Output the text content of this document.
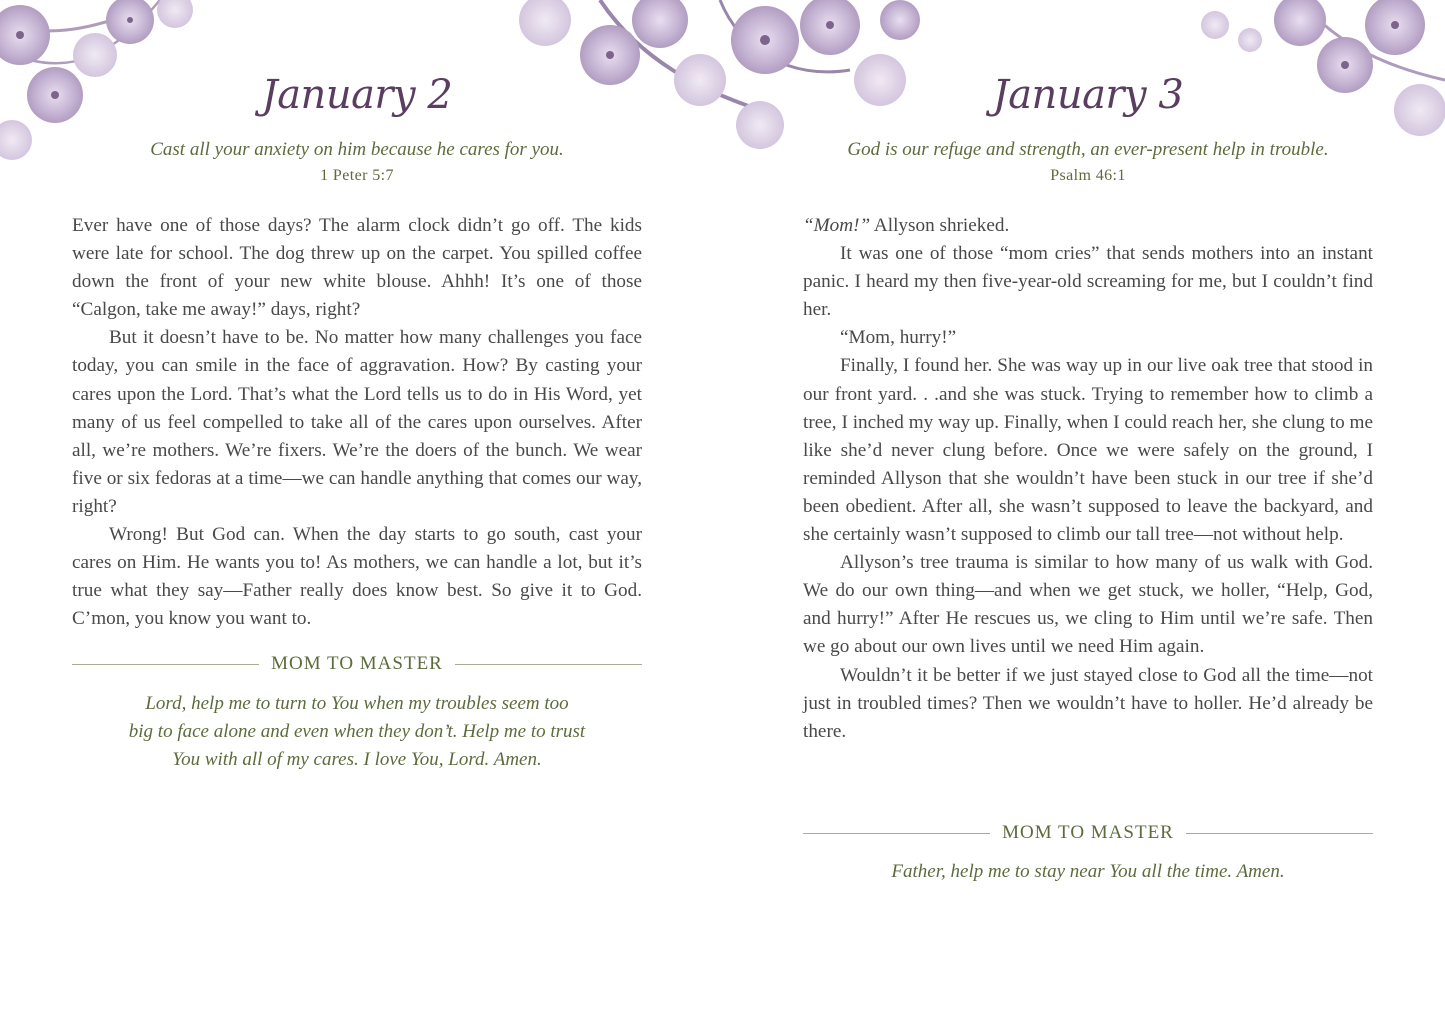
January 2
Cast all your anxiety on him because he cares for you.
1 Peter 5:7

Ever have one of those days? The alarm clock didn’t go off. The kids were late for school. The dog threw up on the carpet. You spilled coffee down the front of your new white blouse. Ahhh! It’s one of those “Calgon, take me away!” days, right?

But it doesn’t have to be. No matter how many challenges you face today, you can smile in the face of aggravation. How? By casting your cares upon the Lord. That’s what the Lord tells us to do in His Word, yet many of us feel compelled to take all of the cares upon ourselves. After all, we’re mothers. We’re fixers. We’re the doers of the bunch. We wear five or six fedoras at a time—we can handle anything that comes our way, right?

Wrong! But God can. When the day starts to go south, cast your cares on Him. He wants you to! As mothers, we can handle a lot, but it’s true what they say—Father really does know best. So give it to God. C’mon, you know you want to.

MOM TO MASTER
Lord, help me to turn to You when my troubles seem too
big to face alone and even when they don’t. Help me to trust
You with all of my cares. I love You, Lord. Amen.
January 3
God is our refuge and strength, an ever-present help in trouble.
Psalm 46:1

“Mom!” Allyson shrieked.

It was one of those “mom cries” that sends mothers into an instant panic. I heard my then five-year-old screaming for me, but I couldn’t find her.

“Mom, hurry!”

Finally, I found her. She was way up in our live oak tree that stood in our front yard. . .and she was stuck. Trying to remember how to climb a tree, I inched my way up. Finally, when I could reach her, she clung to me like she’d never clung before. Once we were safely on the ground, I reminded Allyson that she wouldn’t have been stuck in our tree if she’d been obedient. After all, she wasn’t supposed to leave the backyard, and she certainly wasn’t supposed to climb our tall tree—not without help.

Allyson’s tree trauma is similar to how many of us walk with God. We do our own thing—and when we get stuck, we holler, “Help, God, and hurry!” After He rescues us, we cling to Him until we’re safe. Then we go about our own lives until we need Him again.

Wouldn’t it be better if we just stayed close to God all the time—not just in troubled times? Then we wouldn’t have to holler. He’d already be there.

MOM TO MASTER
Father, help me to stay near You all the time. Amen.
